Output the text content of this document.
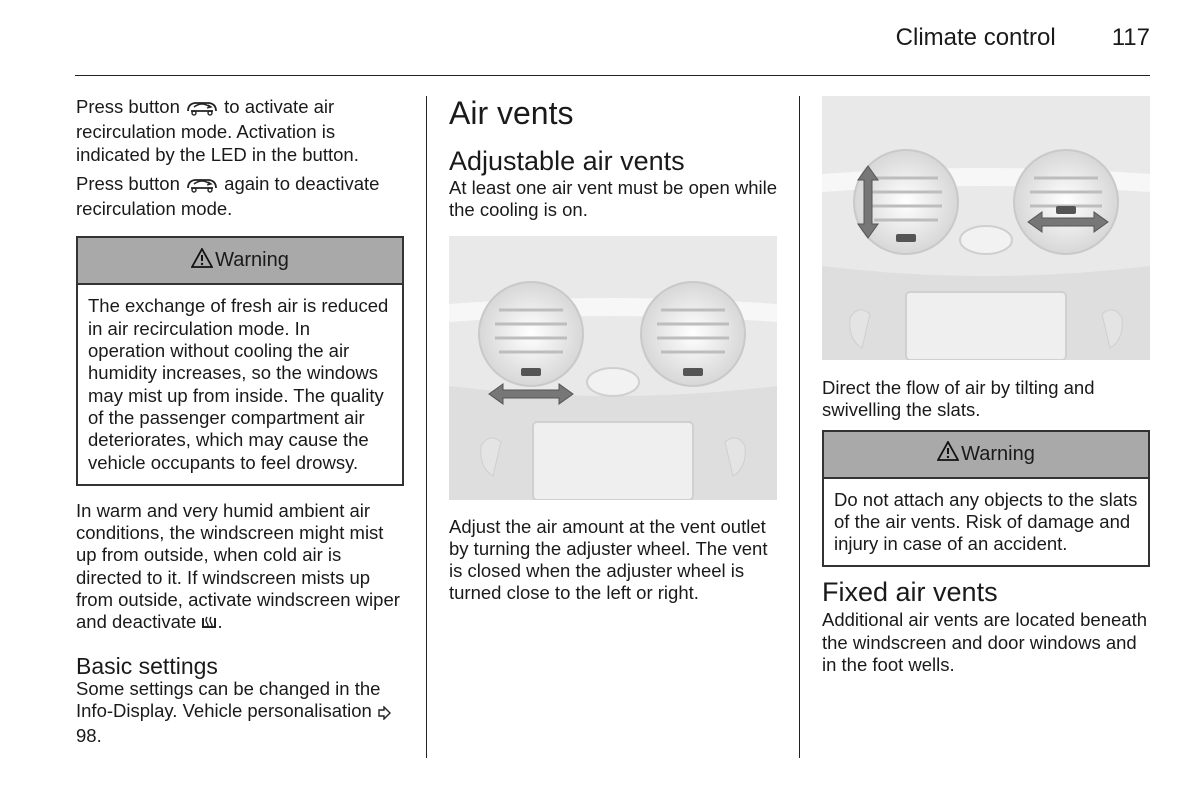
Climate control 117

Press button to activate air recirculation mode. Activation is indicated by the LED in the button.

Press button again to deactivate recirculation mode.

Warning

The exchange of fresh air is reduced in air recirculation mode. In operation without cooling the air humidity increases, so the windows may mist up from inside. The quality of the passenger compartment air deteriorates, which may cause the vehicle occupants to feel drowsy.

In warm and very humid ambient air conditions, the windscreen might mist up from outside, when cold air is directed to it. If windscreen mists up from outside, activate windscreen wiper and deactivate .

Basic settings

Some settings can be changed in the Info-Display. Vehicle personalisation  98.

Air vents
Adjustable air vents

At least one air vent must be open while the cooling is on.

Adjust the air amount at the vent outlet by turning the adjuster wheel. The vent is closed when the adjuster wheel is turned close to the left or right.

Direct the flow of air by tilting and swivelling the slats.

Warning

Do not attach any objects to the slats of the air vents. Risk of damage and injury in case of an accident.

Fixed air vents

Additional air vents are located beneath the windscreen and door windows and in the foot wells.
